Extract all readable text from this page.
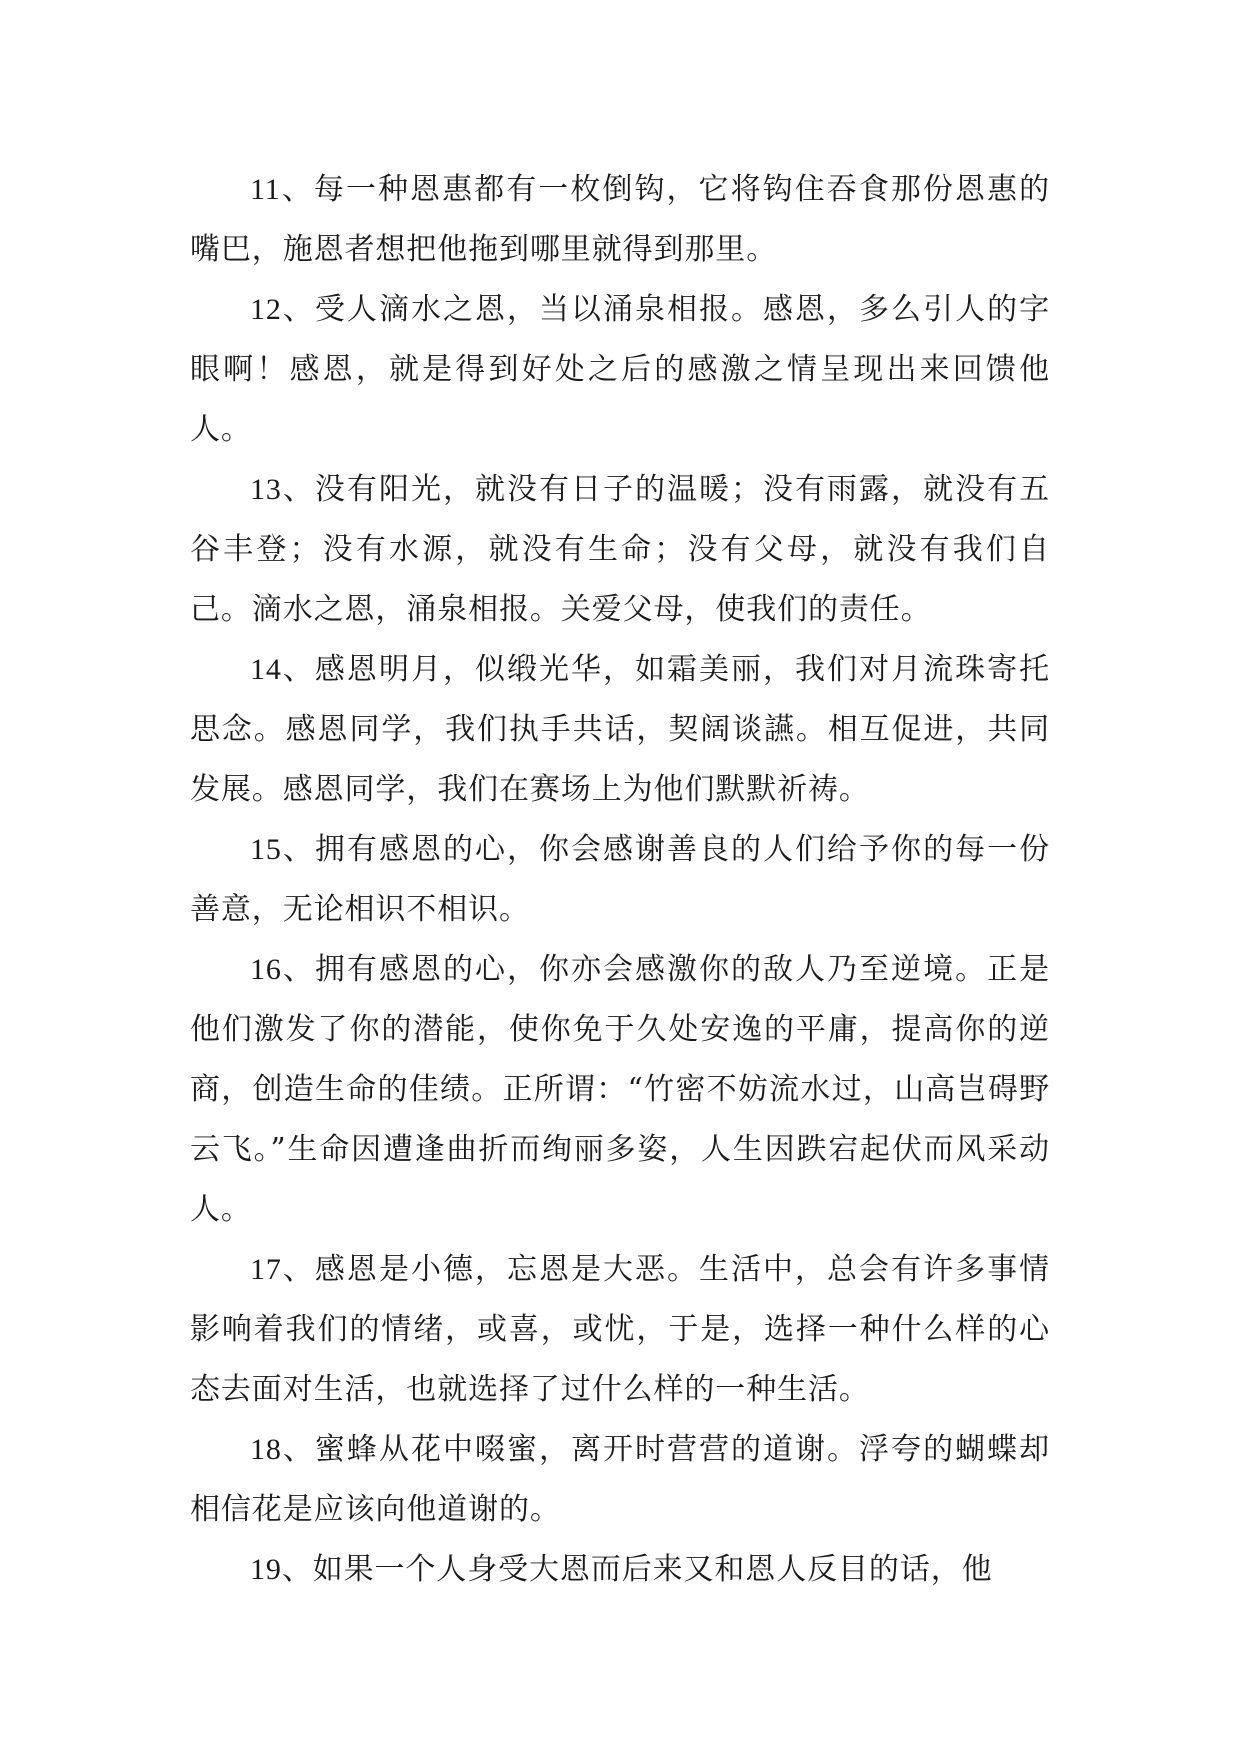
11、每一种恩惠都有一枚倒钩，它将钩住吞食那份恩惠的嘴巴，施恩者想把他拖到哪里就得到那里。

12、受人滴水之恩，当以涌泉相报。感恩，多么引人的字眼啊！感恩，就是得到好处之后的感激之情呈现出来回馈他人。

13、没有阳光，就没有日子的温暖；没有雨露，就没有五谷丰登；没有水源，就没有生命；没有父母，就没有我们自己。滴水之恩，涌泉相报。关爱父母，使我们的责任。

14、感恩明月，似缎光华，如霜美丽，我们对月流珠寄托思念。感恩同学，我们执手共话，契阔谈讌。相互促进，共同发展。感恩同学，我们在赛场上为他们默默祈祷。

15、拥有感恩的心，你会感谢善良的人们给予你的每一份善意，无论相识不相识。

16、拥有感恩的心，你亦会感激你的敌人乃至逆境。正是他们激发了你的潜能，使你免于久处安逸的平庸，提高你的逆商，创造生命的佳绩。正所谓：“竹密不妨流水过，山高岂碍野云飞。”生命因遭逢曲折而绚丽多姿，人生因跌宕起伏而风采动人。

17、感恩是小德，忘恩是大恶。生活中，总会有许多事情影响着我们的情绪，或喜，或忧，于是，选择一种什么样的心态去面对生活，也就选择了过什么样的一种生活。

18、蜜蜂从花中啜蜜，离开时营营的道谢。浮夸的蝴蝶却相信花是应该向他道谢的。

19、如果一个人身受大恩而后来又和恩人反目的话，他
